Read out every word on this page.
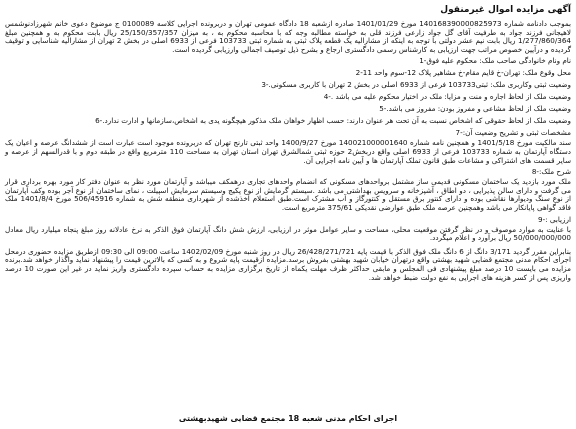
آگهی مزایده اموال غیرمنقول
بموجب دادنامه شماره 140168390000825973 مورخ 1401/01/29 صادره ازشعبه 18 دادگاه عمومی تهران و دربرونده اجرایی کلاسه 0100089 ج موضوع دعوی خانم شهرزادنوشمس لاهیجانی فرزند جواد به طرفیت آقای گل جواد زارعی فرزند قلی به خواسته مطالبه وجه که با محاسبه محکوم به ، به میزان 25/150/357/357 ریال بابت محکوم به و همچنین مبلغ 1/277/860/364 ریال بابت نیم عشر دولتی با توجه به اینکه از مشارالیه یک قطعه پلاک ثبتی به شماره ثبتی 103733 فرعی از 6933 اصلی در بخش 2 تهران از مشارالیه شناسایی و توقیف گردیده و درآیین خصوص مراتب جهت ارزیابی به کارشناس رسمی دادگستری ارجاع و بشرح ذیل توصیف اجمالی وارزیابی گردیده است.
نام ونام خانوادگی صاحب ملک: محکوم علیه فوق-1
محل وقوع ملک: تهران-خ قایم مقام-خ مشاهیر پلاک 12-سوم واحد 11-2
وضعیت ثبتی وکاربری ملک: ثبتی103733 فرعی از 6933 اصلی در بخش 2 تهران با کاربری مسکونی.-3
وضعیت ملک از لحاظ اجاره و منت و مزایا: ملک در اختیار محکوم علیه می باشد .-4
وضعیت ملک از لحاظ مشاعی و مفروز بودن: مفروز می باشد.-5
وضعیت ملک از لحاظ حقوقی که اشخاص نسبت به آن تحت هر عنوان دارند: حسب اظهار خواهان ملک مذکور هیچگونه یدی به اشخاص،سازمانها و ادارت ندارد.-6
مشخصات ثبتی و تشریح وضعیت آن:-7
سند مالکیت مورخ 1401/5/18 و همچنین نامه شماره 140021000001640 مورخ 1400/9/27 واحد ثبتی تارنج تهران که دربرونده موجود است عبارت است از ششدانگ عرصه و اعیان یک دستگاه آپارتمان به شماره 103733 فرعی از 6933 اصلی واقع دربخش2 حوزه ثبتی شمالشرق تهران استان تهران به مساحت 110 مترمربع واقع در طبقه دوم و با قدرالسهم از عرصه و سایر قسمت های اشتراکی و مشاعات طبق قانون تملک آپارتمان ها و آیین نامه اجرایی آن.
شرح ملک:-8
ملک مورد بازدید یک ساختمان مسکونی قدیمی ساز مشتمل برواحدهای مسکونی که انضمام واحدهای تجاری درهمکف میباشد و آپارتمان مورد نظر به عنوان دفتر کار مورد بهره برداری قرار می گرفت و دارای سالن پذیرایی ، دو اطاق ، آشپزخانه و سرویس بهداشتی می باشد .سیستم گرمایش از نوع پکیج وسیستم سرمایش اسپیلت ، نمای ساختمان از نوع آجر بوده وکف آپارتمان از نوع سنگ ودیوارها نقاشی بوده و دارای کنتور برق مستقل و کنتورگاز و آب مشترک است.طبق استعلام اخذشده از شهرداری منطقه شش به شماره 506/45916 مورخ 1401/8/4 ملک فاقد گواهی پایانکار می باشد وهمچنین عرصه ملک طبق عوارضی نقدیکی 375/61 مترمربع است.
ارزیابی :-9
با عنایت به موارد موصوف و در نظر گرفتن موقعیت محلی، مساحت و سایر عوامل موثر در ارزیابی، ارزش شش دانگ آپارتمان فوق الذکر به نرخ عادلانه روز مبلغ پنجاه میلیارد ریال معادل 50/000/000/000 ریال برآورد و اعلام میگردد.
بنابراین مقرر گردید 3/171 دانگ از 6 دانگ ملک فوق الذکر با قیمت پایه 26/428/271/721 ریال در روز شنبه مورخ 1402/02/09 ساعت 09:00 الی 09:30 ازطریق مزایده حضوری درمحل اجرای احکام مدنی مجتمع قضایی شهید بهشتی واقع درتهران خیابان شهید بهشتی بفروش برسد.مزایده ازقیمت پایه شروع و به کسی که بالاترین قیمت را پیشنهاد نماید واگذار خواهد شد.برنده مزایده می بایست 10 درصد مبلغ پیشنهادی فی المجلس و مابقی حداکثر ظرف مهلت یکماه از تاریخ برگزاری مزایده به حساب سپرده دادگستری واریز نماید در غیر این صورت 10 درصد واریزی پس از کسر هزینه های اجرایی به نفع دولت ضبط خواهد شد.
اجرای احکام مدنی شعبه 18 مجتمع قضایی شهیدبهشتی
